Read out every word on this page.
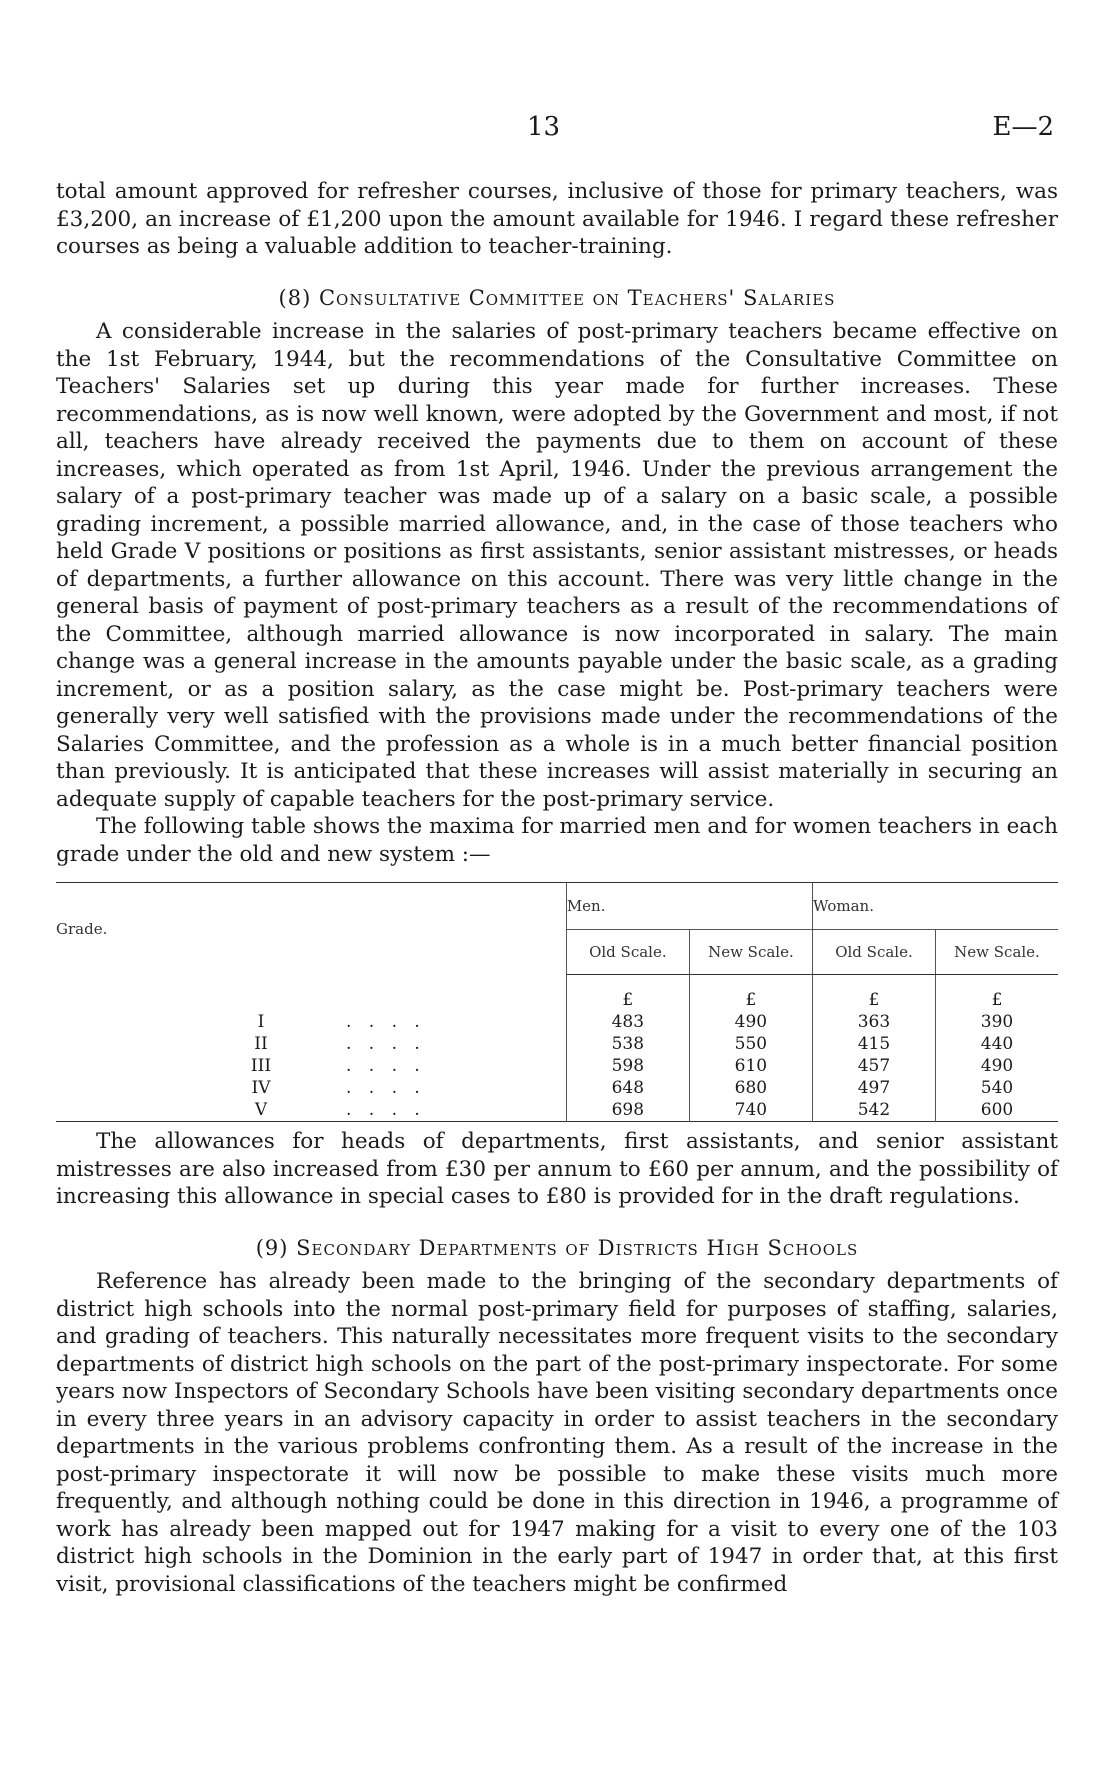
13	E—2

total amount approved for refresher courses, inclusive of those for primary teachers, was £3,200, an increase of £1,200 upon the amount available for 1946. I regard these refresher courses as being a valuable addition to teacher-training.

(8) Consultative Committee on Teachers' Salaries

A considerable increase in the salaries of post-primary teachers became effective on the 1st February, 1944, but the recommendations of the Consultative Committee on Teachers' Salaries set up during this year made for further increases. These recommendations, as is now well known, were adopted by the Government and most, if not all, teachers have already received the payments due to them on account of these increases, which operated as from 1st April, 1946. Under the previous arrangement the salary of a post-primary teacher was made up of a salary on a basic scale, a possible grading increment, a possible married allowance, and, in the case of those teachers who held Grade V positions or positions as first assistants, senior assistant mistresses, or heads of departments, a further allowance on this account. There was very little change in the general basis of payment of post-primary teachers as a result of the recommendations of the Committee, although married allowance is now incorporated in salary. The main change was a general increase in the amounts payable under the basic scale, as a grading increment, or as a position salary, as the case might be. Post-primary teachers were generally very well satisfied with the provisions made under the recommendations of the Salaries Committee, and the profession as a whole is in a much better financial position than previously. It is anticipated that these increases will assist materially in securing an adequate supply of capable teachers for the post-primary service.

The following table shows the maxima for married men and for women teachers in each grade under the old and new system :—

Grade.	Men.		Woman.	
	Old Scale.	New Scale.	Old Scale.	New Scale.
	£	£	£	£
I . . . .	483	490	363	390
II . . . .	538	550	415	440
III . . . .	598	610	457	490
IV . . . .	648	680	497	540
V . . . .	698	740	542	600

The allowances for heads of departments, first assistants, and senior assistant mistresses are also increased from £30 per annum to £60 per annum, and the possibility of increasing this allowance in special cases to £80 is provided for in the draft regulations.

(9) Secondary Departments of Districts High Schools

Reference has already been made to the bringing of the secondary departments of district high schools into the normal post-primary field for purposes of staffing, salaries, and grading of teachers. This naturally necessitates more frequent visits to the secondary departments of district high schools on the part of the post-primary inspectorate. For some years now Inspectors of Secondary Schools have been visiting secondary departments once in every three years in an advisory capacity in order to assist teachers in the secondary departments in the various problems confronting them. As a result of the increase in the post-primary inspectorate it will now be possible to make these visits much more frequently, and although nothing could be done in this direction in 1946, a programme of work has already been mapped out for 1947 making for a visit to every one of the 103 district high schools in the Dominion in the early part of 1947 in order that, at this first visit, provisional classifications of the teachers might be confirmed
